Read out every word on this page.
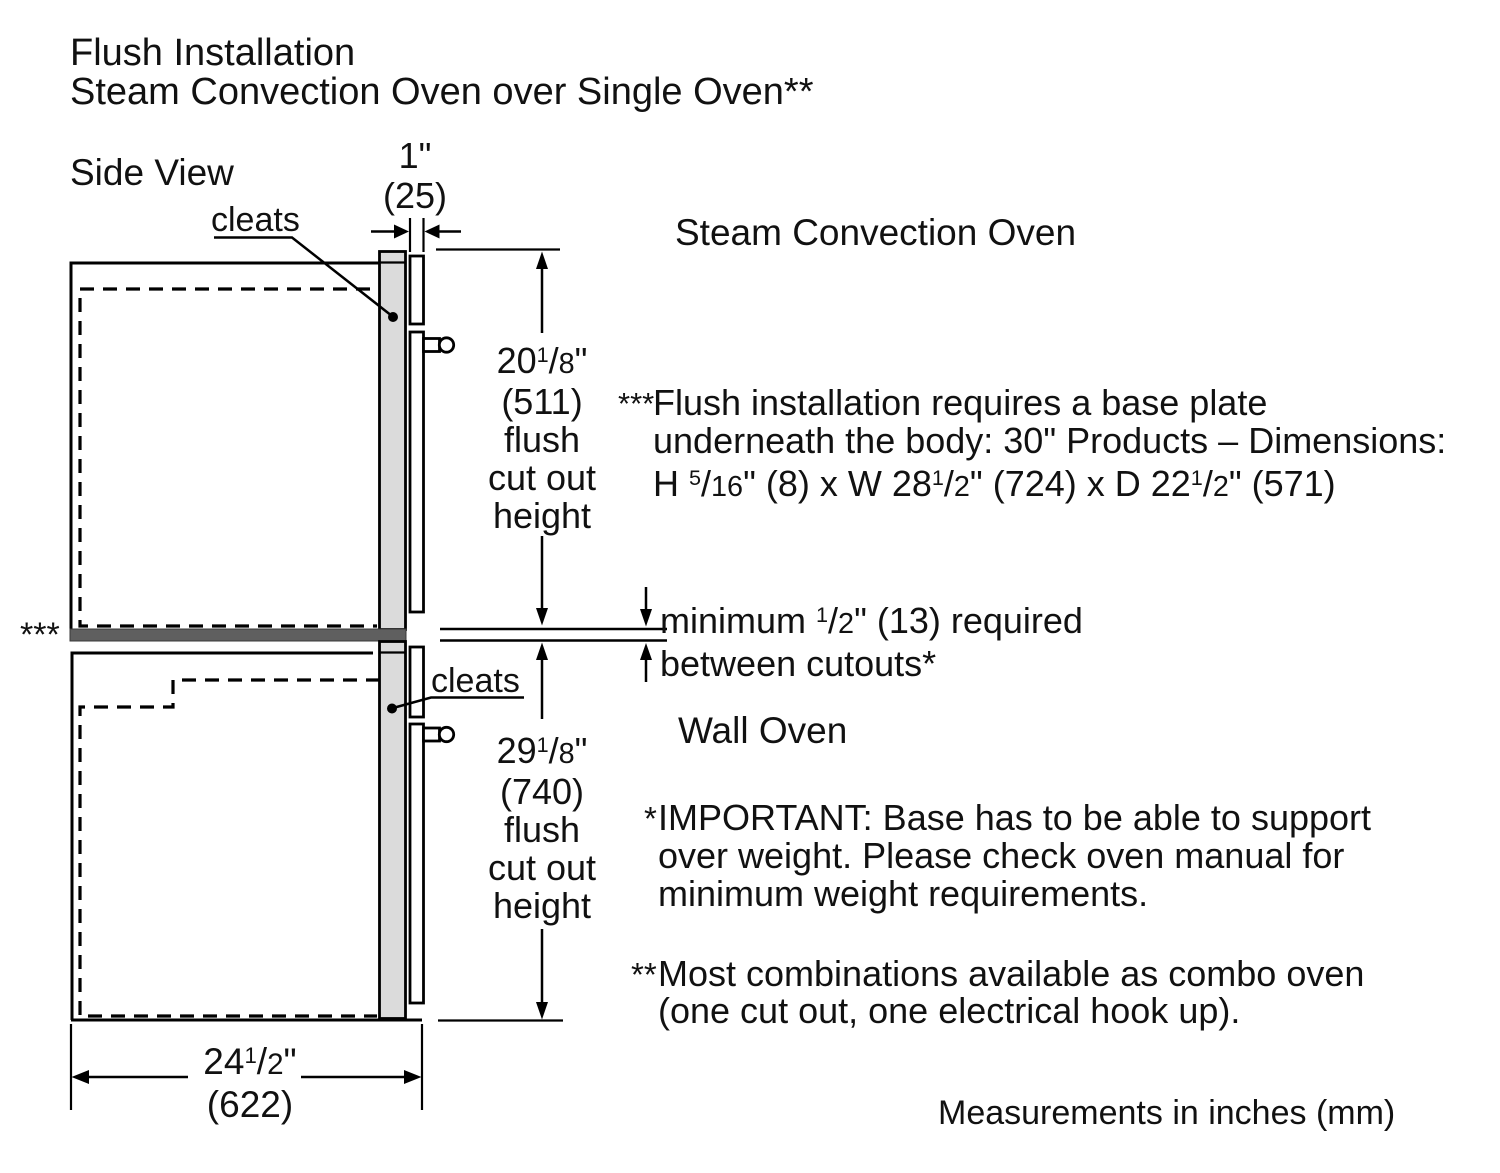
Flush Installation
Steam Convection Oven over Single Oven**
Side View
cleats
1"
(25)
Steam Convection Oven
$20^1/8$"
(511)
flush
cut out
height
***
Flush installation requires a base plate
underneath the body: 30" Products – Dimensions:
H $^5$/16" (8) x W $28^1/2$" (724) x D $22^1/2$" (571)
minimum $^1$/2" (13) required
between cutouts*
cleats
Wall Oven
$29^1/8$"
(740)
flush
cut out
height
* IMPORTANT: Base has to be able to support
over weight. Please check oven manual for
minimum weight requirements.
** Most combinations available as combo oven
(one cut out, one electrical hook up).
***
$24^1/2$"
(622)	Measurements in inches (mm)
